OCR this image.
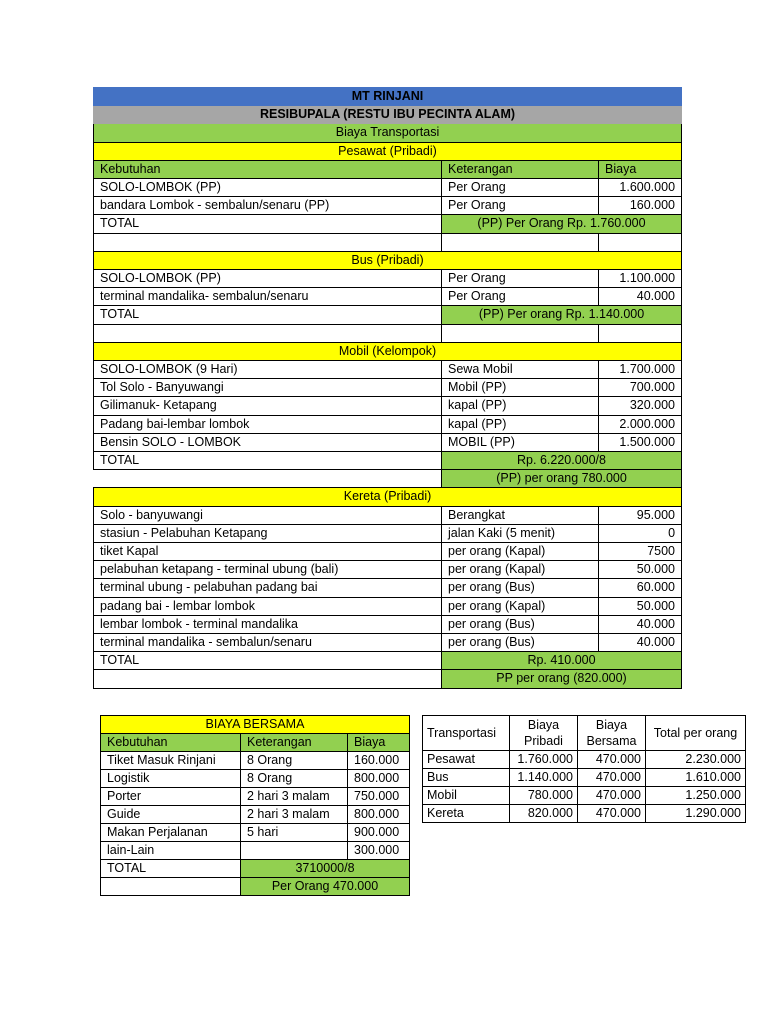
MT RINJANI		
RESIBUPALA (RESTU IBU PECINTA ALAM)		
Biaya Transportasi		
Pesawat (Pribadi)		
Kebutuhan	Keterangan	Biaya
SOLO-LOMBOK (PP)	Per Orang	1.600.000
bandara Lombok - sembalun/senaru (PP)	Per Orang	160.000
TOTAL	(PP) Per Orang Rp. 1.760.000	

Bus (Pribadi)		
SOLO-LOMBOK (PP)	Per Orang	1.100.000
terminal mandalika- sembalun/senaru	Per Orang	40.000
TOTAL	(PP) Per orang Rp. 1.140.000	

Mobil (Kelompok)		
SOLO-LOMBOK (9 Hari)	Sewa Mobil	1.700.000
Tol Solo - Banyuwangi	Mobil (PP)	700.000
Gilimanuk- Ketapang	kapal (PP)	320.000
Padang bai-lembar lombok	kapal (PP)	2.000.000
Bensin SOLO - LOMBOK	MOBIL (PP)	1.500.000
TOTAL	Rp. 6.220.000/8	
	(PP) per orang 780.000	
Kereta (Pribadi)		
Solo - banyuwangi	Berangkat	95.000
stasiun - Pelabuhan Ketapang	jalan Kaki (5 menit)	0
tiket Kapal	per orang (Kapal)	7500
pelabuhan ketapang - terminal ubung (bali)	per orang (Kapal)	50.000
terminal ubung - pelabuhan padang bai	per orang (Bus)	60.000
padang bai - lembar lombok	per orang (Kapal)	50.000
lembar lombok - terminal mandalika	per orang (Bus)	40.000
terminal mandalika - sembalun/senaru	per orang (Bus)	40.000
TOTAL	Rp. 410.000	
	PP per orang (820.000)	
BIAYA BERSAMA		
Kebutuhan	Keterangan	Biaya
Tiket Masuk Rinjani	8 Orang	160.000
Logistik	8 Orang	800.000
Porter	2 hari 3 malam	750.000
Guide	2 hari 3 malam	800.000
Makan Perjalanan	5 hari	900.000
lain-Lain		300.000
TOTAL	3710000/8	
	Per Orang 470.000	
Transportasi	Biaya Pribadi	Biaya Bersama	Total per orang
Pesawat	1.760.000	470.000	2.230.000
Bus	1.140.000	470.000	1.610.000
Mobil	780.000	470.000	1.250.000
Kereta	820.000	470.000	1.290.000
